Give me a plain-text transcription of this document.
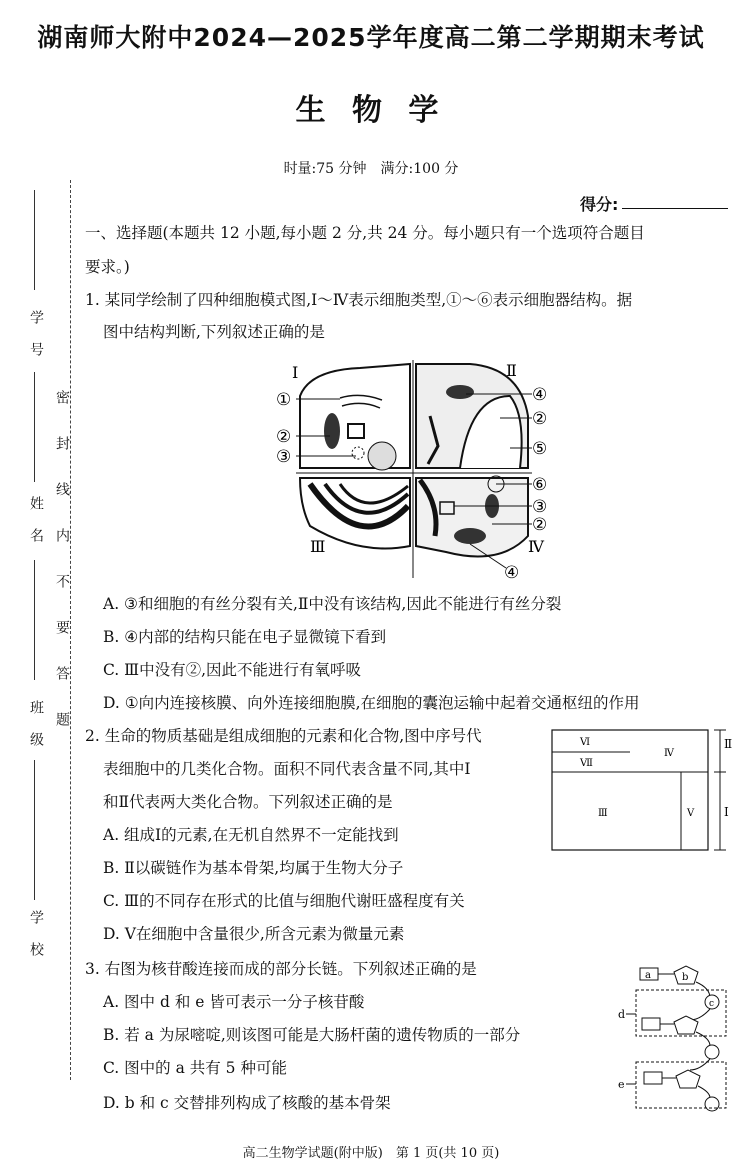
学　号
姓　名
班　级
学　校
密　封　线　内　不　要　答　题
湖南师大附中2024—2025学年度高二第二学期期末考试
生 物 学
时量:75 分钟　满分:100 分
得分:
一、选择题(本题共 12 小题,每小题 2 分,共 24 分。每小题只有一个选项符合题目
要求。)
1. 某同学绘制了四种细胞模式图,Ⅰ～Ⅳ表示细胞类型,①～⑥表示细胞器结构。据
图中结构判断,下列叙述正确的是
Ⅰ	Ⅱ
Ⅲ	Ⅳ
①
②
③
④
②
⑤
⑥
③
②
④
A. ③和细胞的有丝分裂有关,Ⅱ中没有该结构,因此不能进行有丝分裂
B. ④内部的结构只能在电子显微镜下看到
C. Ⅲ中没有②,因此不能进行有氧呼吸
D. ①向内连接核膜、向外连接细胞膜,在细胞的囊泡运输中起着交通枢纽的作用
2. 生命的物质基础是组成细胞的元素和化合物,图中序号代
表细胞中的几类化合物。面积不同代表含量不同,其中Ⅰ
和Ⅱ代表两大类化合物。下列叙述正确的是
Ⅵ
Ⅶ
Ⅳ
Ⅲ	Ⅴ
Ⅱ
Ⅰ
A. 组成Ⅰ的元素,在无机自然界不一定能找到
B. Ⅱ以碳链作为基本骨架,均属于生物大分子
C. Ⅲ的不同存在形式的比值与细胞代谢旺盛程度有关
D. Ⅴ在细胞中含量很少,所含元素为微量元素
3. 右图为核苷酸连接而成的部分长链。下列叙述正确的是	a	b
c
d
e
A. 图中 d 和 e 皆可表示一分子核苷酸
B. 若 a 为尿嘧啶,则该图可能是大肠杆菌的遗传物质的一部分
C. 图中的 a 共有 5 种可能
D. b 和 c 交替排列构成了核酸的基本骨架
高二生物学试题(附中版)　第 1 页(共 10 页)
